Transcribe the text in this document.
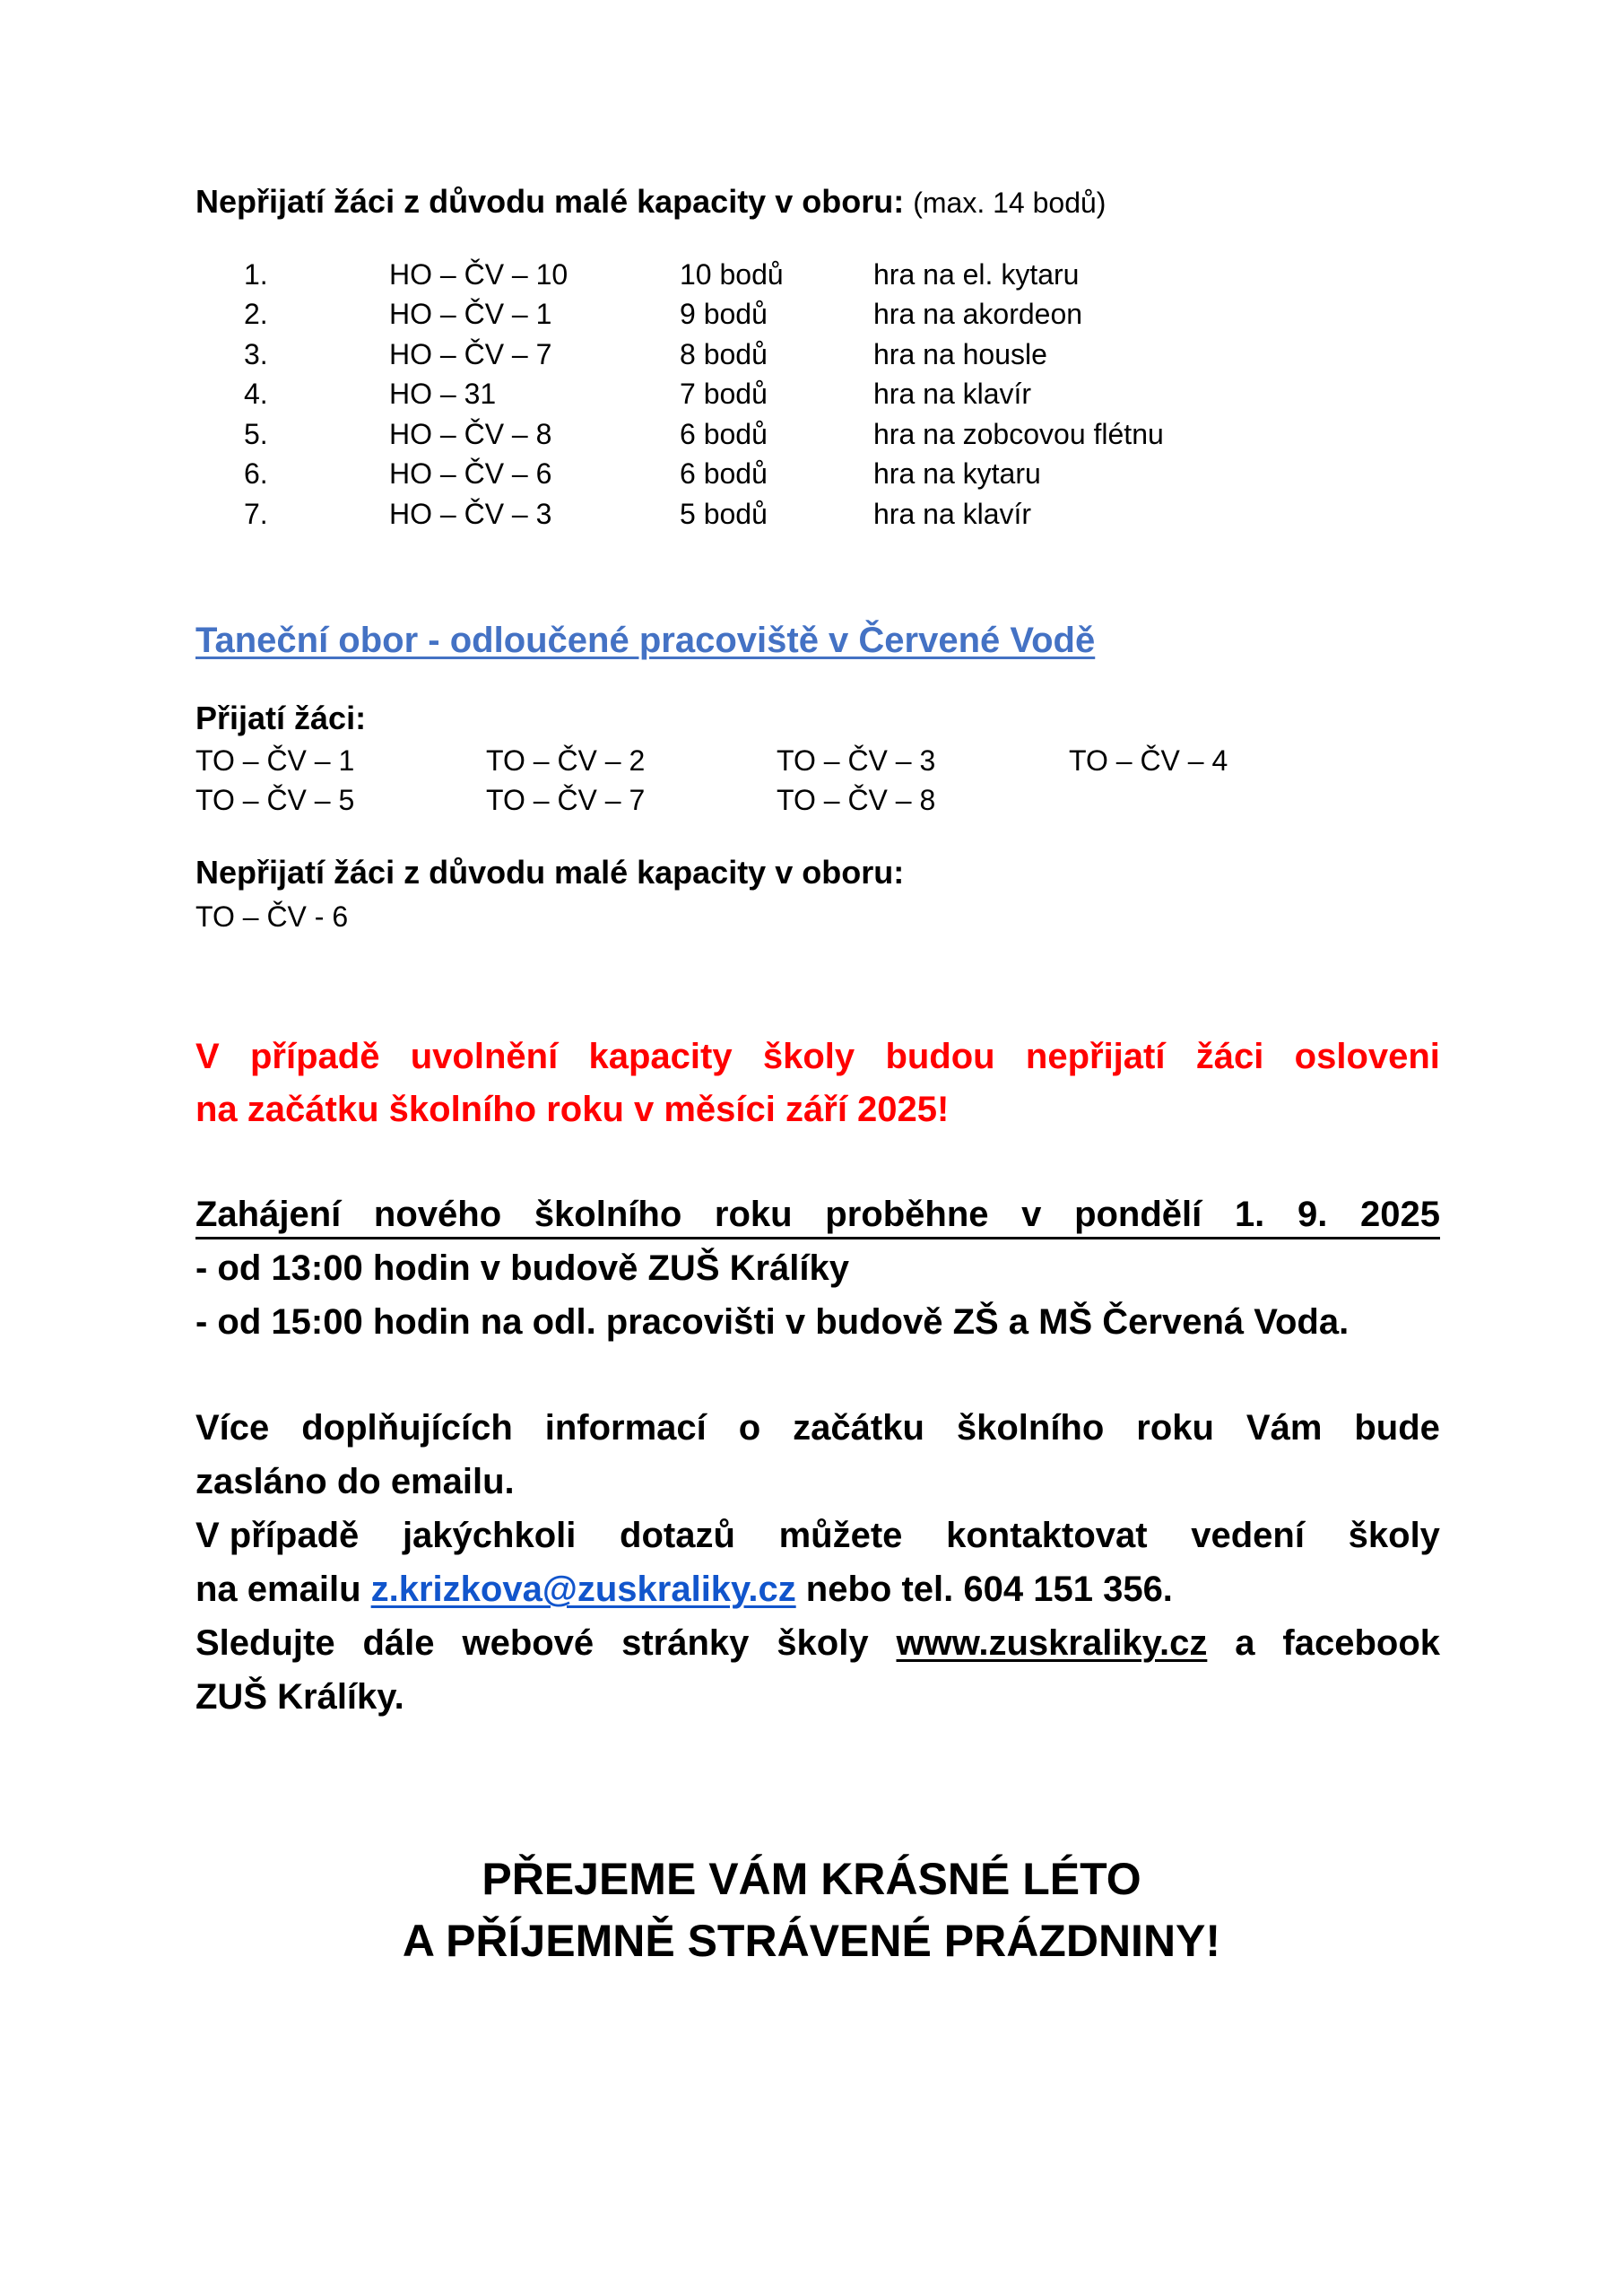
Nepřijatí žáci z důvodu malé kapacity v oboru: (max. 14 bodů)
1.	HO – ČV – 10	10 bodů	hra na el. kytaru
2.	HO – ČV – 1	9 bodů	hra na akordeon
3.	HO – ČV – 7	8 bodů	hra na housle
4.	HO – 31	7 bodů	hra na klavír
5.	HO – ČV – 8	6 bodů	hra na zobcovou flétnu
6.	HO – ČV – 6	6 bodů	hra na kytaru
7.	HO – ČV – 3	5 bodů	hra na klavír
Taneční obor - odloučené pracoviště v Červené Vodě
Přijatí žáci:
TO – ČV – 1	TO – ČV – 2	TO – ČV – 3	TO – ČV – 4
TO – ČV – 5	TO – ČV – 7	TO – ČV – 8
Nepřijatí žáci z důvodu malé kapacity v oboru:
TO – ČV - 6
V případě uvolnění kapacity školy budou nepřijatí žáci osloveni
na začátku školního roku v měsíci září 2025!
Zahájení nového školního roku proběhne v pondělí 1. 9. 2025
- od 13:00 hodin v budově ZUŠ Králíky
- od 15:00 hodin na odl. pracovišti v budově ZŠ a MŠ Červená Voda.
Více doplňujících informací o začátku školního roku Vám bude
zasláno do emailu.
V případě jakýchkoli dotazů můžete kontaktovat vedení školy
na emailu z.krizkova@zuskraliky.cz nebo tel. 604 151 356.
Sledujte dále webové stránky školy www.zuskraliky.cz a facebook
ZUŠ Králíky.
PŘEJEME VÁM KRÁSNÉ LÉTO
A PŘÍJEMNĚ STRÁVENÉ PRÁZDNINY!
